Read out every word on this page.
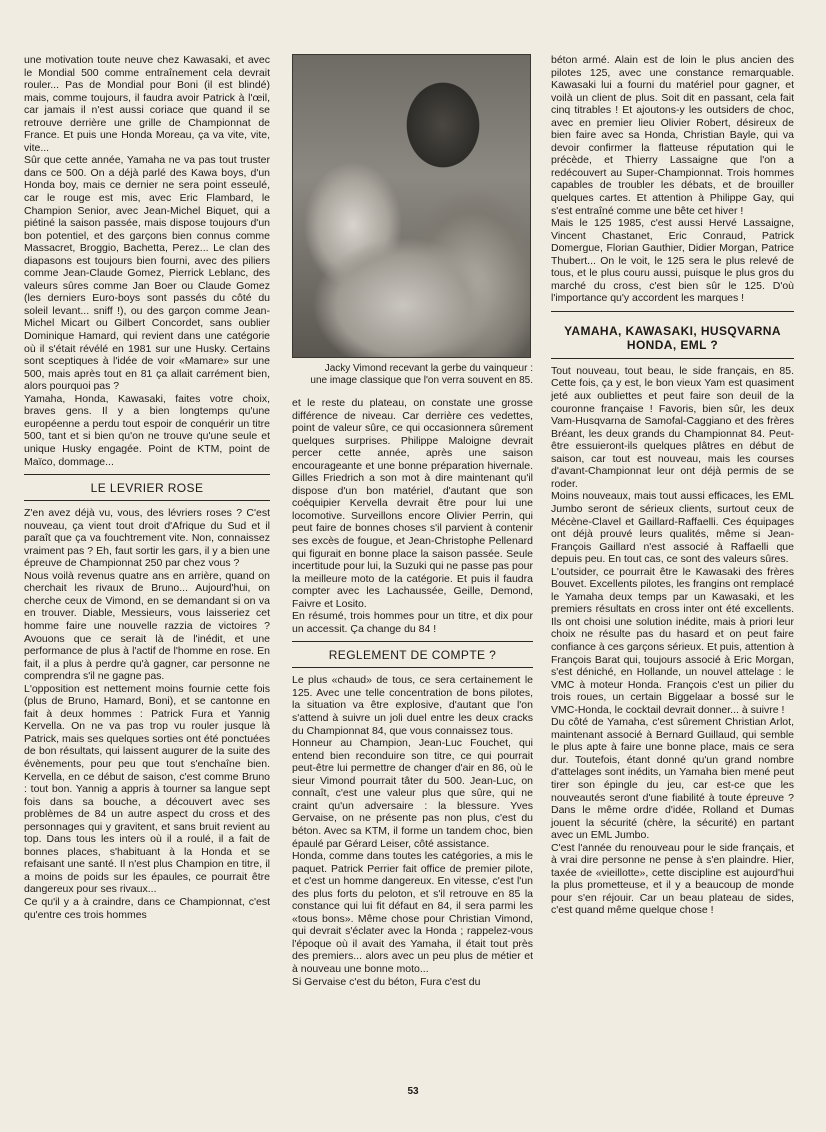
une motivation toute neuve chez Kawasaki, et avec le Mondial 500 comme entraînement cela devrait rouler... Pas de Mondial pour Boni (il est blindé) mais, comme toujours, il faudra avoir Patrick à l'œil, car jamais il n'est aussi coriace que quand il se retrouve derrière une grille de Championnat de France. Et puis une Honda Moreau, ça va vite, vite, vite...

Sûr que cette année, Yamaha ne va pas tout truster dans ce 500. On a déjà parlé des Kawa boys, d'un Honda boy, mais ce dernier ne sera point esseulé, car le rouge est mis, avec Eric Flambard, le Champion Senior, avec Jean-Michel Biquet, qui a piétiné la saison passée, mais dispose toujours d'un bon potentiel, et des garçons bien connus comme Massacret, Broggio, Bachetta, Perez... Le clan des diapasons est toujours bien fourni, avec des piliers comme Jean-Claude Gomez, Pierrick Leblanc, des valeurs sûres comme Jan Boer ou Claude Gomez (les derniers Euro-boys sont passés du côté du soleil levant... sniff !), ou des garçon comme Jean-Michel Micart ou Gilbert Concordet, sans oublier Dominique Hamard, qui revient dans une catégorie où il s'était révélé en 1981 sur une Husky. Certains sont sceptiques à l'idée de voir «Mamare» sur une 500, mais après tout en 81 ça allait carrément bien, alors pourquoi pas ?

Yamaha, Honda, Kawasaki, faites votre choix, braves gens. Il y a bien longtemps qu'une européenne a perdu tout espoir de conquérir un titre 500, tant et si bien qu'on ne trouve qu'une seule et unique Husky engagée. Point de KTM, point de Maïco, dommage...

LE LEVRIER ROSE

Z'en avez déjà vu, vous, des lévriers roses ? C'est nouveau, ça vient tout droit d'Afrique du Sud et il paraît que ça va fouchtrement vite. Non, connaissez vraiment pas ? Eh, faut sortir les gars, il y a bien une épreuve de Championnat 250 par chez vous ?

Nous voilà revenus quatre ans en arrière, quand on cherchait les rivaux de Bruno... Aujourd'hui, on cherche ceux de Vimond, en se demandant si on va en trouver. Diable, Messieurs, vous laisseriez cet homme faire une nouvelle razzia de victoires ? Avouons que ce serait là de l'inédit, et une performance de plus à l'actif de l'homme en rose. En fait, il a plus à perdre qu'à gagner, car personne ne comprendra s'il ne gagne pas.

L'opposition est nettement moins fournie cette fois (plus de Bruno, Hamard, Boni), et se cantonne en fait à deux hommes : Patrick Fura et Yannig Kervella. On ne va pas trop vu rouler jusque là Patrick, mais ses quelques sorties ont été ponctuées de bon résultats, qui laissent augurer de la suite des évènements, pour peu que tout s'enchaîne bien. Kervella, en ce début de saison, c'est comme Bruno : tout bon. Yannig a appris à tourner sa langue sept fois dans sa bouche, a découvert avec ses problèmes de 84 un autre aspect du cross et des personnages qui y gravitent, et sans bruit revient au top. Dans tous les inters où il a roulé, il a fait de bonnes places, s'habituant à la Honda et se refaisant une santé. Il n'est plus Champion en titre, il a moins de poids sur les épaules, ce pourrait être dangereux pour ses rivaux...

Ce qu'il y a à craindre, dans ce Championnat, c'est qu'entre ces trois hommes

Jacky Vimond recevant la gerbe du vainqueur :
une image classique que l'on verra souvent en 85.

et le reste du plateau, on constate une grosse différence de niveau. Car derrière ces vedettes, point de valeur sûre, ce qui occasionnera sûrement quelques surprises. Philippe Maloigne devrait percer cette année, après une saison encourageante et une bonne préparation hivernale. Gilles Friedrich a son mot à dire maintenant qu'il dispose d'un bon matériel, d'autant que son coéquipier Kervella devrait être pour lui une locomotive. Surveillons encore Olivier Perrin, qui peut faire de bonnes choses s'il parvient à contenir ses excès de fougue, et Jean-Christophe Pellenard qui figurait en bonne place la saison passée. Seule incertitude pour lui, la Suzuki qui ne passe pas pour la meilleure moto de la catégorie. Et puis il faudra compter avec les Lachaussée, Geille, Demond, Faivre et Losito.

En résumé, trois hommes pour un titre, et dix pour un accessit. Ça change du 84 !

REGLEMENT DE COMPTE ?

Le plus «chaud» de tous, ce sera certainement le 125. Avec une telle concentration de bons pilotes, la situation va être explosive, d'autant que l'on s'attend à suivre un joli duel entre les deux cracks du Championnat 84, que vous connaissez tous.

Honneur au Champion, Jean-Luc Fouchet, qui entend bien reconduire son titre, ce qui pourrait peut-être lui permettre de changer d'air en 86, où le sieur Vimond pourrait tâter du 500. Jean-Luc, on connaît, c'est une valeur plus que sûre, qui ne craint qu'un adversaire : la blessure. Yves Gervaise, on ne présente pas non plus, c'est du béton. Avec sa KTM, il forme un tandem choc, bien épaulé par Gérard Leiser, côté assistance.

Honda, comme dans toutes les catégories, a mis le paquet. Patrick Perrier fait office de premier pilote, et c'est un homme dangereux. En vitesse, c'est l'un des plus forts du peloton, et s'il retrouve en 85 la constance qui lui fit défaut en 84, il sera parmi les «tous bons». Même chose pour Christian Vimond, qui devrait s'éclater avec la Honda ; rappelez-vous l'époque où il avait des Yamaha, il était tout près des premiers... alors avec un peu plus de métier et à nouveau une bonne moto...

Si Gervaise c'est du béton, Fura c'est du

béton armé. Alain est de loin le plus ancien des pilotes 125, avec une constance remarquable. Kawasaki lui a fourni du matériel pour gagner, et voilà un client de plus. Soit dit en passant, cela fait cinq titrables ! Et ajoutons-y les outsiders de choc, avec en premier lieu Olivier Robert, désireux de bien faire avec sa Honda, Christian Bayle, qui va devoir confirmer la flatteuse réputation qui le précède, et Thierry Lassaigne que l'on a redécouvert au Super-Championnat. Trois hommes capables de troubler les débats, et de brouiller quelques cartes. Et attention à Philippe Gay, qui s'est entraîné comme une bête cet hiver !

Mais le 125 1985, c'est aussi Hervé Lassaigne, Vincent Chastanet, Eric Conraud, Patrick Domergue, Florian Gauthier, Didier Morgan, Patrice Thubert... On le voit, le 125 sera le plus relevé de tous, et le plus couru aussi, puisque le plus gros du marché du cross, c'est bien sûr le 125. D'où l'importance qu'y accordent les marques !

YAMAHA, KAWASAKI, HUSQVARNA
HONDA, EML ?

Tout nouveau, tout beau, le side français, en 85. Cette fois, ça y est, le bon vieux Yam est quasiment jeté aux oubliettes et peut faire son deuil de la couronne française ! Favoris, bien sûr, les deux Vam-Husqvarna de Samofal-Caggiano et des frères Bréant, les deux grands du Championnat 84. Peut-être essuieront-ils quelques plâtres en début de saison, car tout est nouveau, mais les courses d'avant-Championnat leur ont déjà permis de se roder.

Moins nouveaux, mais tout aussi efficaces, les EML Jumbo seront de sérieux clients, surtout ceux de Mécène-Clavel et Gaillard-Raffaelli. Ces équipages ont déjà prouvé leurs qualités, même si Jean-François Gaillard n'est associé à Raffaelli que depuis peu. En tout cas, ce sont des valeurs sûres.

L'outsider, ce pourrait être le Kawasaki des frères Bouvet. Excellents pilotes, les frangins ont remplacé le Yamaha deux temps par un Kawasaki, et les premiers résultats en cross inter ont été excellents. Ils ont choisi une solution inédite, mais à priori leur choix ne résulte pas du hasard et on peut faire confiance à ces garçons sérieux. Et puis, attention à François Barat qui, toujours associé à Eric Morgan, s'est déniché, en Hollande, un nouvel attelage : le VMC à moteur Honda. François c'est un pilier du trois roues, un certain Biggelaar a bossé sur le VMC-Honda, le cocktail devrait donner... à suivre !

Du côté de Yamaha, c'est sûrement Christian Arlot, maintenant associé à Bernard Guillaud, qui semble le plus apte à faire une bonne place, mais ce sera dur. Toutefois, étant donné qu'un grand nombre d'attelages sont inédits, un Yamaha bien mené peut tirer son épingle du jeu, car est-ce que les nouveautés seront d'une fiabilité à toute épreuve ? Dans le même ordre d'idée, Rolland et Dumas jouent la sécurité (chère, la sécurité) en partant avec un EML Jumbo.

C'est l'année du renouveau pour le side français, et à vrai dire personne ne pense à s'en plaindre. Hier, taxée de «vieillotte», cette discipline est aujourd'hui la plus prometteuse, et il y a beaucoup de monde pour s'en réjouir. Car un beau plateau de sides, c'est quand même quelque chose !

53
